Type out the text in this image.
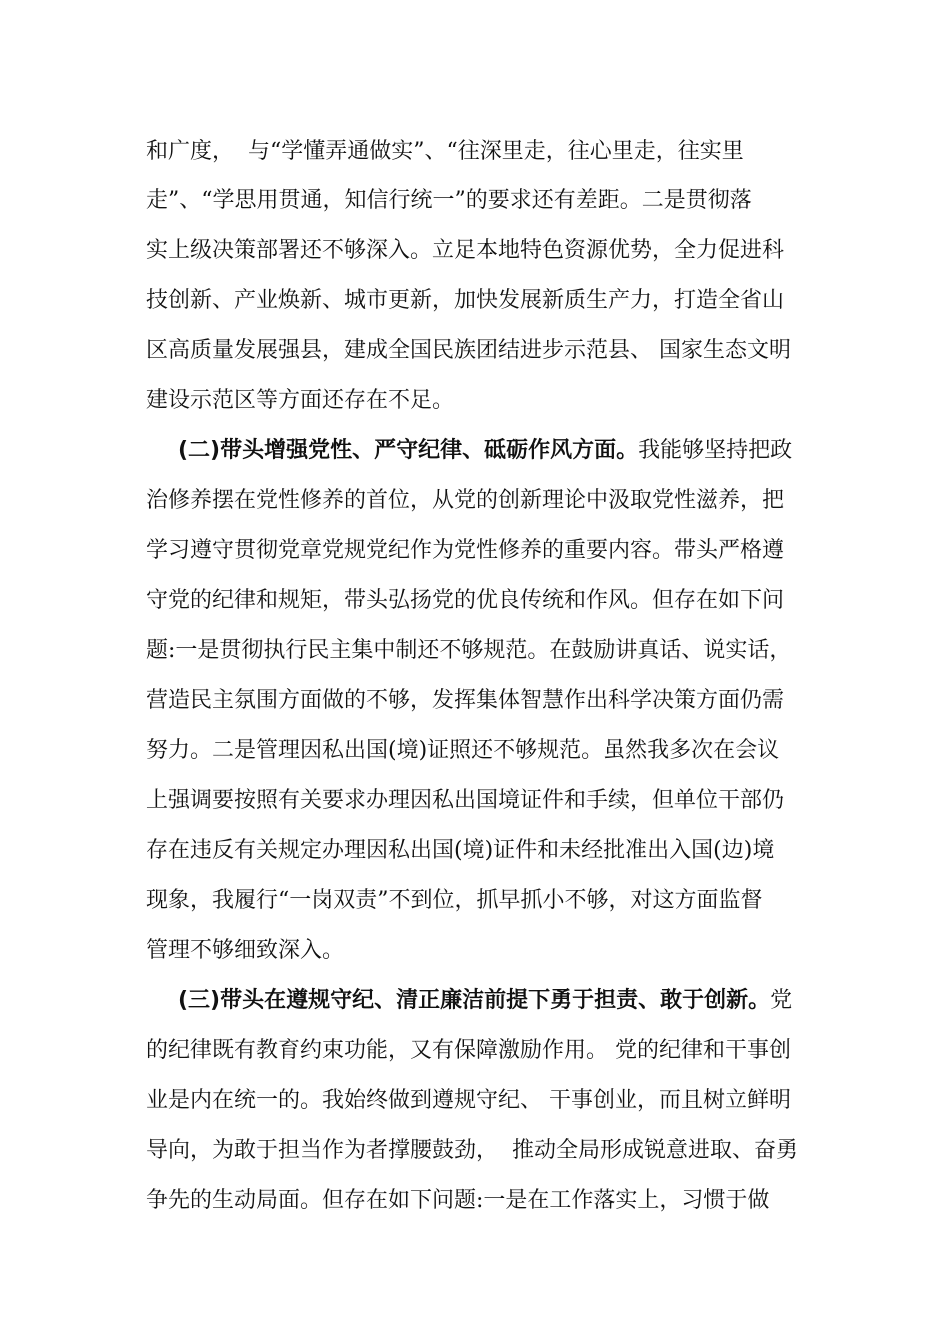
和广度，  与“学懂弄通做实”、“往深里走，往心里走，往实里
走”、“学思用贯通，知信行统一”的要求还有差距。二是贯彻落
实上级决策部署还不够深入。立足本地特色资源优势，全力促进科
技创新、产业焕新、城市更新，加快发展新质生产力，打造全省山
区高质量发展强县，建成全国民族团结进步示范县、 国家生态文明
建设示范区等方面还存在不足。
(二)带头增强党性、严守纪律、砥砺作风方面。我能够坚持把政
治修养摆在党性修养的首位，从党的创新理论中汲取党性滋养，把
学习遵守贯彻党章党规党纪作为党性修养的重要内容。带头严格遵
守党的纪律和规矩，带头弘扬党的优良传统和作风。但存在如下问
题:一是贯彻执行民主集中制还不够规范。在鼓励讲真话、说实话，
营造民主氛围方面做的不够，发挥集体智慧作出科学决策方面仍需
努力。二是管理因私出国(境)证照还不够规范。虽然我多次在会议
上强调要按照有关要求办理因私出国境证件和手续，但单位干部仍
存在违反有关规定办理因私出国(境)证件和未经批准出入国(边)境
现象，我履行“一岗双责”不到位，抓早抓小不够，对这方面监督
管理不够细致深入。
(三)带头在遵规守纪、清正廉洁前提下勇于担责、敢于创新。党
的纪律既有教育约束功能，又有保障激励作用。 党的纪律和干事创
业是内在统一的。我始终做到遵规守纪、 干事创业，而且树立鲜明
导向，为敢于担当作为者撑腰鼓劲，  推动全局形成锐意进取、奋勇
争先的生动局面。但存在如下问题:一是在工作落实上，习惯于做
